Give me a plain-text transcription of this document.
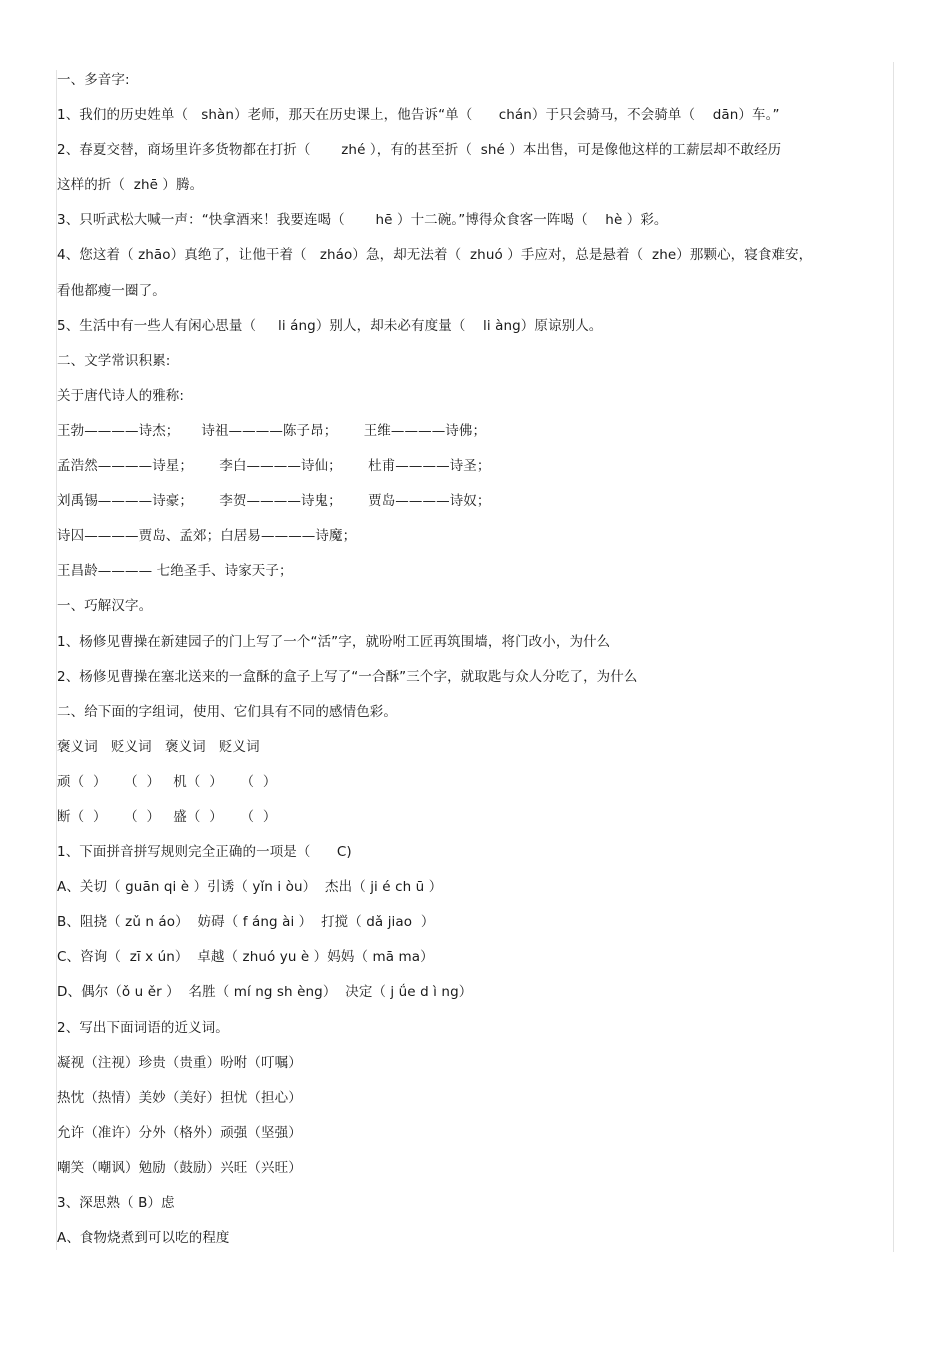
一、多音字:
1、我们的历史姓单（   shàn）老师，那天在历史课上，他告诉“单（      chán）于只会骑马，不会骑单（    dān）车。”
2、春夏交替，商场里许多货物都在打折（       zhé ），有的甚至折（  shé ）本出售，可是像他这样的工薪层却不敢经历
这样的折（  zhē ）腾。
3、只听武松大喊一声：“快拿酒来！我要连喝（       hē ）十二碗。”博得众食客一阵喝（    hè ）彩。
4、您这着（ zhāo）真绝了，让他干着（   zháo）急，却无法着（  zhuó ）手应对，总是悬着（  zhe）那颗心，寝食难安，
看他都瘦一圈了。
5、生活中有一些人有闲心思量（     li áng）别人，却未必有度量（    li àng）原谅别人。
二、文学常识积累:
关于唐代诗人的雅称:
王勃————诗杰；     诗祖————陈子昂；      王维————诗佛；
孟浩然————诗星；      李白————诗仙；      杜甫————诗圣；
刘禹锡————诗豪；      李贺————诗鬼；      贾岛————诗奴；
诗囚————贾岛、孟郊；白居易————诗魔；
王昌龄———— 七绝圣手、诗家天子；
一、巧解汉字。
1、杨修见曹操在新建园子的门上写了一个“活”字，就吩咐工匠再筑围墙，将门改小，为什么
2、杨修见曹操在塞北送来的一盒酥的盒子上写了“一合酥”三个字，就取匙与众人分吃了，为什么
二、给下面的字组词，使用、它们具有不同的感情色彩。
褒义词   贬义词   褒义词   贬义词
顽（  ）    （  ）   机（  ）    （  ）
断（  ）    （  ）   盛（  ）    （  ）
1、下面拼音拼写规则完全正确的一项是（      C)
A、关切（ guān qi è ）引诱（ yǐn i òu）  杰出（ ji é ch ū ）
B、阻挠（ zǔ n áo）  妨碍（ f áng ài ）  打搅（ dǎ jiao  ）
C、咨询（  zī x ún）  卓越（ zhuó yu è ）妈妈（ mā ma）
D、偶尔（ǒ u ěr ）  名胜（ mí ng sh èng）  决定（ j ǘe d ì ng）
2、写出下面词语的近义词。
凝视（注视）珍贵（贵重）吩咐（叮嘱）
热忱（热情）美妙（美好）担忧（担心）
允许（准许）分外（格外）顽强（坚强）
嘲笑（嘲讽）勉励（鼓励）兴旺（兴旺）
3、深思熟（ B）虑
A、食物烧煮到可以吃的程度
